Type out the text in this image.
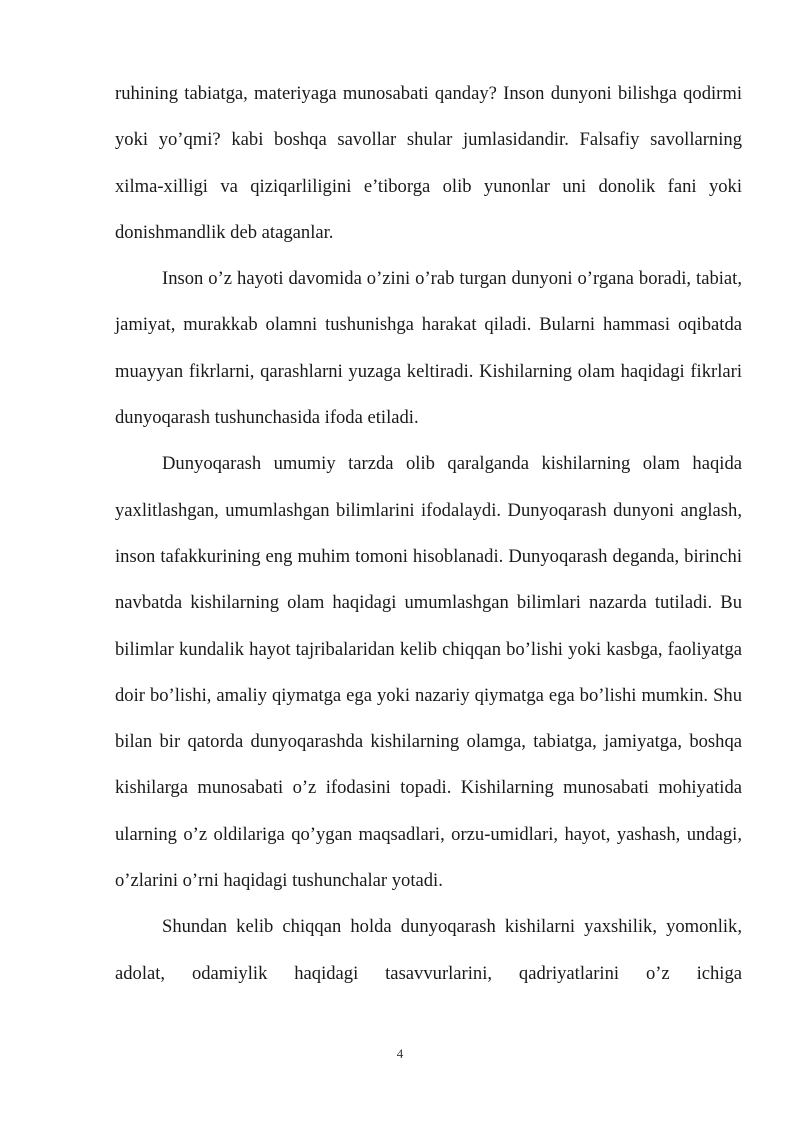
ruhining tabiatga, materiyaga munosabati qanday? Inson dunyoni bilishga qodirmi yoki yo’qmi? kabi boshqa savollar shular jumlasidandir. Falsafiy savollarning xilma-xilligi va qiziqarliligini e’tiborga olib yunonlar uni donolik fani yoki donishmandlik deb ataganlar.

Inson o’z hayoti davomida o’zini o’rab turgan dunyoni o’rgana boradi, tabiat, jamiyat, murakkab olamni tushunishga harakat qiladi. Bularni hammasi oqibatda muayyan fikrlarni, qarashlarni yuzaga keltiradi. Kishilarning olam haqidagi fikrlari dunyoqarash tushunchasida ifoda etiladi.

Dunyoqarash umumiy tarzda olib qaralganda kishilarning olam haqida yaxlitlashgan, umumlashgan bilimlarini ifodalaydi. Dunyoqarash dunyoni anglash, inson tafakkurining eng muhim tomoni hisoblanadi. Dunyoqarash deganda, birinchi navbatda kishilarning olam haqidagi umumlashgan bilimlari nazarda tutiladi. Bu bilimlar kundalik hayot tajribalaridan kelib chiqqan bo’lishi yoki kasbga, faoliyatga doir bo’lishi, amaliy qiymatga ega yoki nazariy qiymatga ega bo’lishi mumkin. Shu bilan bir qatorda dunyoqarashda kishilarning olamga, tabiatga, jamiyatga, boshqa kishilarga munosabati o’z ifodasini topadi. Kishilarning munosabati mohiyatida ularning o’z oldilariga qo’ygan maqsadlari, orzu-umidlari, hayot, yashash, undagi, o’zlarini o’rni haqidagi tushunchalar yotadi.

Shundan kelib chiqqan holda dunyoqarash kishilarni yaxshilik, yomonlik, adolat, odamiylik haqidagi tasavvurlarini, qadriyatlarini o’z ichiga

4
